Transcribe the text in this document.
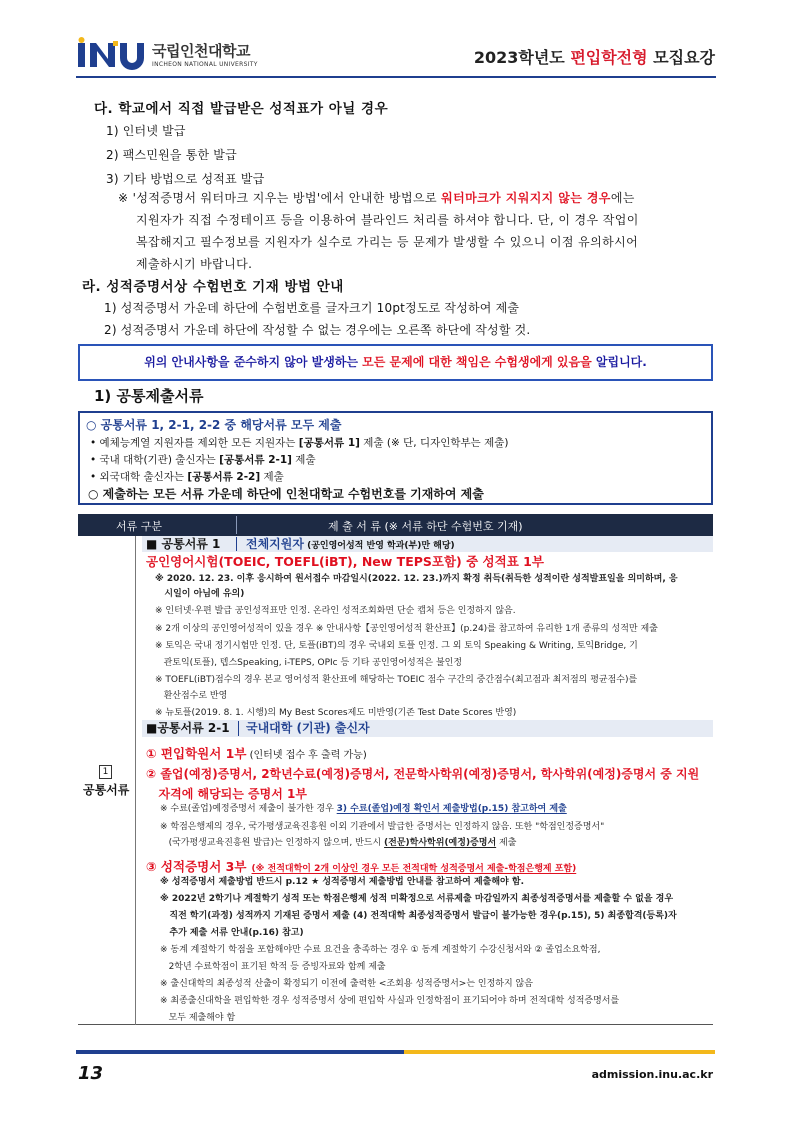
국립인천대학교
INCHEON NATIONAL UNIVERSITY	2023학년도 편입학전형 모집요강
다. 학교에서 직접 발급받은 성적표가 아닐 경우
1) 인터넷 발급
2) 팩스민원을 통한 발급
3) 기타 방법으로 성적표 발급
※ '성적증명서 워터마크 지우는 방법'에서 안내한 방법으로 워터마크가 지워지지 않는 경우에는
지원자가 직접 수정테이프 등을 이용하여 블라인드 처리를 하셔야 합니다. 단, 이 경우 작업이
복잡해지고 필수정보를 지원자가 실수로 가리는 등 문제가 발생할 수 있으니 이점 유의하시어
제출하시기 바랍니다.
라. 성적증명서상 수험번호 기재 방법 안내
1) 성적증명서 가운데 하단에 수험번호를 글자크기 10pt정도로 작성하여 제출
2) 성적증명서 가운데 하단에 작성할 수 없는 경우에는 오른쪽 하단에 작성할 것.
위의 안내사항을 준수하지 않아 발생하는 모든 문제에 대한 책임은 수험생에게 있음을 알립니다.
1) 공통제출서류
○ 공통서류 1, 2-1, 2-2 중 해당서류 모두 제출
• 예체능계열 지원자를 제외한 모든 지원자는 [공통서류 1] 제출 (※ 단, 디자인학부는 제출)
• 국내 대학(기관) 출신자는 [공통서류 2-1] 제출
• 외국대학 출신자는 [공통서류 2-2] 제출
○ 제출하는 모든 서류 가운데 하단에 인천대학교 수험번호를 기재하여 제출
서류 구분	제 출 서 류 (※ 서류 하단 수험번호 기재)
1
공통서류
■ 공통서류 1 전체지원자 (공인영어성적 반영 학과(부)만 해당)
공인영어시험(TOEIC, TOEFL(iBT), New TEPS포함) 중 성적표 1부
※ 2020. 12. 23. 이후 응시하여 원서접수 마감일시(2022. 12. 23.)까지 확정 취득(취득한 성적이란 성적발표일을 의미하며, 응
시일이 아님에 유의)
※ 인터넷·우편 발급 공인성적표만 인정. 온라인 성적조회화면 단순 캡처 등은 인정하지 않음.
※ 2개 이상의 공인영어성적이 있을 경우 ※ 안내사항【공인영어성적 환산표】(p.24)를 참고하여 유리한 1개 종류의 성적만 제출
※ 토익은 국내 정기시험만 인정. 단, 토플(iBT)의 경우 국내외 토플 인정. 그 외 토익 Speaking & Writing, 토익Bridge, 기
관토익(토플), 텝스Speaking, i-TEPS, OPIc 등 기타 공인영어성적은 불인정
※ TOEFL(iBT)점수의 경우 본교 영어성적 환산표에 해당하는 TOEIC 점수 구간의 중간점수(최고점과 최저점의 평균점수)를
환산점수로 반영
※ 뉴토플(2019. 8. 1. 시행)의 My Best Scores제도 미반영(기존 Test Date Scores 반영)
■공통서류 2-1 국내대학 (기관) 출신자
① 편입학원서 1부 (인터넷 접수 후 출력 가능)
② 졸업(예정)증명서, 2학년수료(예정)증명서, 전문학사학위(예정)증명서, 학사학위(예정)증명서 중 지원
자격에 해당되는 증명서 1부
※ 수료(졸업)예정증명서 제출이 불가한 경우 3) 수료(졸업)예정 확인서 제출방법(p.15) 참고하여 제출
※ 학점은행제의 경우, 국가평생교육진흥원 이외 기관에서 발급한 증명서는 인정하지 않음. 또한 "학점인정증명서"
(국가평생교육진흥원 발급)는 인정하지 않으며, 반드시 (전문)학사학위(예정)증명서 제출
③ 성적증명서 3부 (※ 전적대학이 2개 이상인 경우 모든 전적대학 성적증명서 제출-학점은행제 포함)
※ 성적증명서 제출방법 반드시 p.12 ★ 성적증명서 제출방법 안내를 참고하여 제출해야 함.
※ 2022년 2학기나 계절학기 성적 또는 학점은행제 성적 미확정으로 서류제출 마감일까지 최종성적증명서를 제출할 수 없을 경우
직전 학기(과정) 성적까지 기재된 증명서 제출 (4) 전적대학 최종성적증명서 발급이 불가능한 경우(p.15), 5) 최종합격(등록)자
추가 제출 서류 안내(p.16) 참고)
※ 동계 계절학기 학점을 포함해야만 수료 요건을 충족하는 경우 ① 동계 계절학기 수강신청서와 ② 졸업소요학점,
2학년 수료학점이 표기된 학적 등 증빙자료와 함께 제출
※ 출신대학의 최종성적 산출이 확정되기 이전에 출력한 <조회용 성적증명서>는 인정하지 않음
※ 최종출신대학을 편입학한 경우 성적증명서 상에 편입학 사실과 인정학점이 표기되어야 하며 전적대학 성적증명서를
모두 제출해야 함
13	admission.inu.ac.kr
